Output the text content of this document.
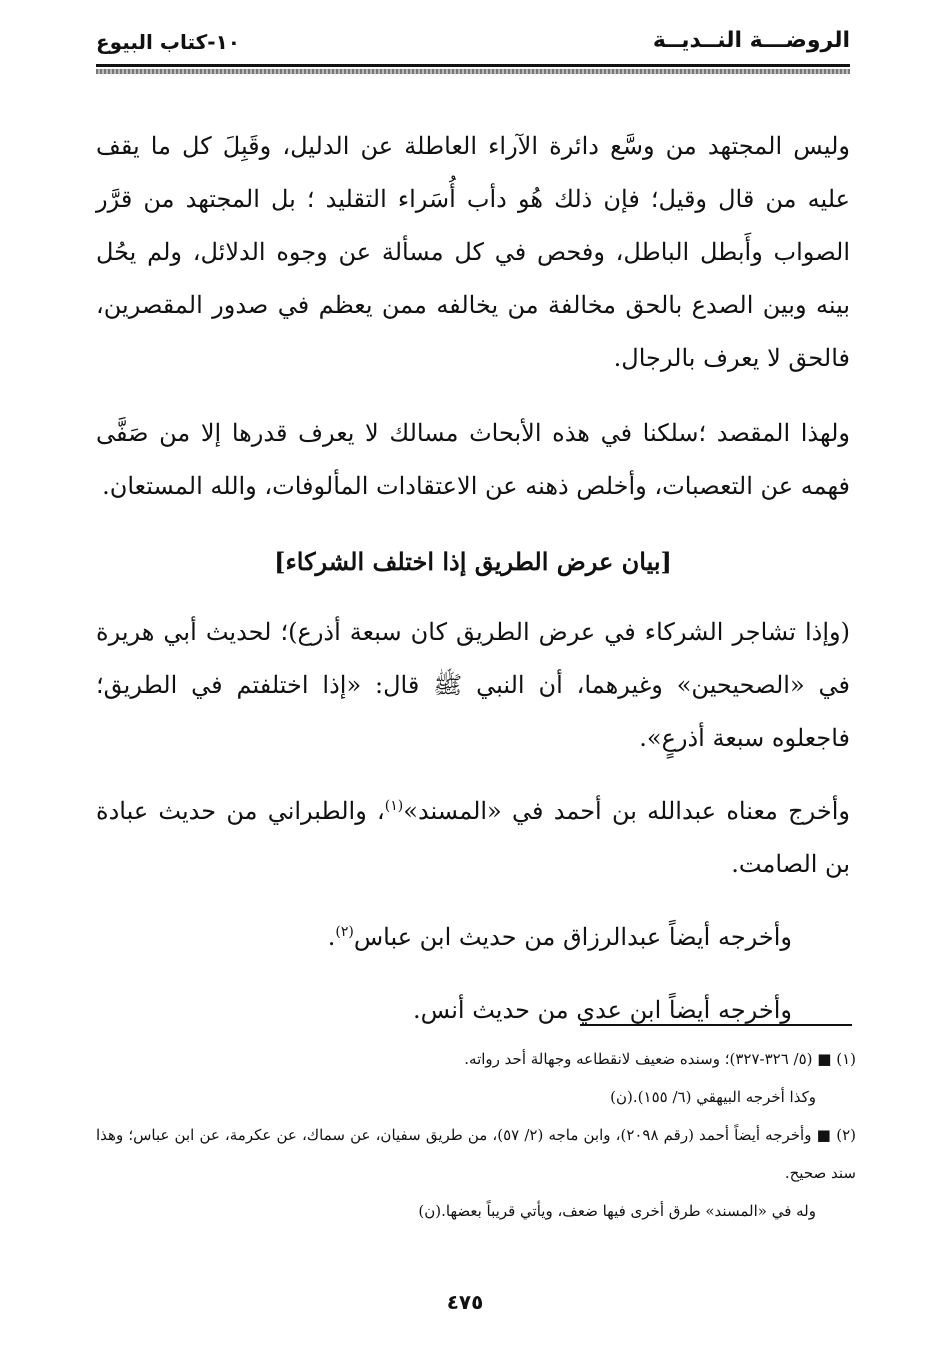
الروضـــة النــديــة
١٠-كتاب البيوع

وليس المجتهد من وسَّع دائرة الآراء العاطلة عن الدليل، وقَبِلَ كل ما يقف عليه من قال وقيل؛ فإن ذلك هُو دأب أُسَراء التقليد ؛ بل المجتهد من قرَّر الصواب وأَبطل الباطل، وفحص في كل مسألة عن وجوه الدلائل، ولم يحُل بينه وبين الصدع بالحق مخالفة من يخالفه ممن يعظم في صدور المقصرين، فالحق لا يعرف بالرجال.

ولهذا المقصد ؛سلكنا في هذه الأبحاث مسالك لا يعرف قدرها إلا من صَفَّى فهمه عن التعصبات، وأخلص ذهنه عن الاعتقادات المألوفات، والله المستعان.

[بيان عرض الطريق إذا اختلف الشركاء]

(وإذا تشاجر الشركاء في عرض الطريق كان سبعة أذرع)؛ لحديث أبي هريرة في «الصحيحين» وغيرهما، أن النبي ﷺ قال: «إذا اختلفتم في الطريق؛ فاجعلوه سبعة أذرعٍ».

وأخرج معناه عبدالله بن أحمد في «المسند»$^{(١)}$، والطبراني من حديث عبادة بن الصامت.

وأخرجه أيضاً عبدالرزاق من حديث ابن عباس$^{(٢)}$.

وأخرجه أيضاً ابن عدي من حديث أنس.

(١) ■ (٥/ ٣٢٦-٣٢٧)؛ وسنده ضعيف لانقطاعه وجهالة أحد رواته.

وكذا أخرجه البيهقي (٦/ ١٥٥).(ن)

(٢) ■ وأخرجه أيضاً أحمد (رقم ٢٠٩٨)، وابن ماجه (٢/ ٥٧)، من طريق سفيان، عن سماك، عن عكرمة، عن ابن عباس؛ وهذا سند صحيح.

وله في «المسند» طرق أخرى فيها ضعف، ويأتي قريباً بعضها.(ن)

٤٧٥
